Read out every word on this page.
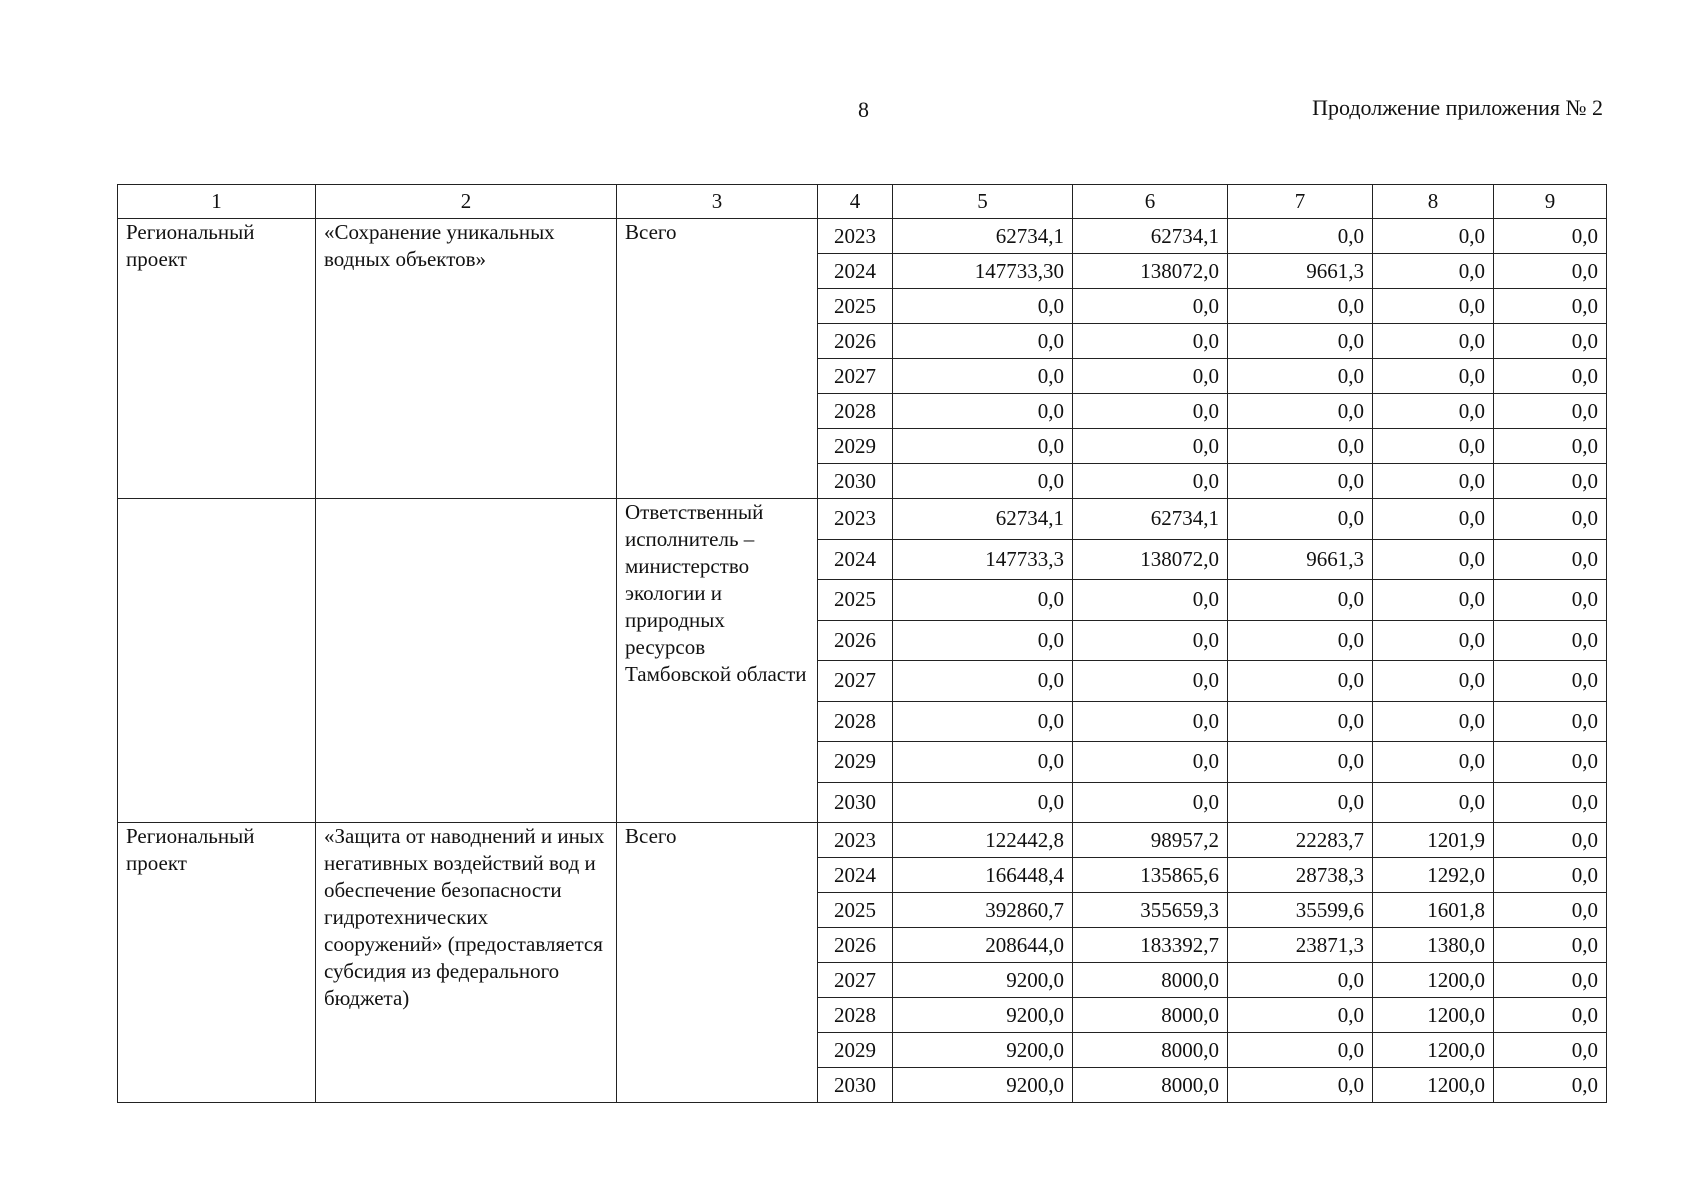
8	Продолжение приложения № 2
1	2	3	4	5	6	7	8	9
Региональный проект	«Сохранение уникальных водных объектов»	Всего	2023	62734,1	62734,1	0,0	0,0	0,0
			2024	147733,30	138072,0	9661,3	0,0	0,0
			2025	0,0	0,0	0,0	0,0	0,0
			2026	0,0	0,0	0,0	0,0	0,0
			2027	0,0	0,0	0,0	0,0	0,0
			2028	0,0	0,0	0,0	0,0	0,0
			2029	0,0	0,0	0,0	0,0	0,0
			2030	0,0	0,0	0,0	0,0	0,0
		Ответственный исполнитель – министерство экологии и природных ресурсов Тамбовской области	2023	62734,1	62734,1	0,0	0,0	0,0
			2024	147733,3	138072,0	9661,3	0,0	0,0
			2025	0,0	0,0	0,0	0,0	0,0
			2026	0,0	0,0	0,0	0,0	0,0
			2027	0,0	0,0	0,0	0,0	0,0
			2028	0,0	0,0	0,0	0,0	0,0
			2029	0,0	0,0	0,0	0,0	0,0
			2030	0,0	0,0	0,0	0,0	0,0
Региональный проект	«Защита от наводнений и иных негативных воздействий вод и обеспечение безопасности гидротехнических сооружений» (предоставляется субсидия из федерального бюджета)	Всего	2023	122442,8	98957,2	22283,7	1201,9	0,0
			2024	166448,4	135865,6	28738,3	1292,0	0,0
			2025	392860,7	355659,3	35599,6	1601,8	0,0
			2026	208644,0	183392,7	23871,3	1380,0	0,0
			2027	9200,0	8000,0	0,0	1200,0	0,0
			2028	9200,0	8000,0	0,0	1200,0	0,0
			2029	9200,0	8000,0	0,0	1200,0	0,0
			2030	9200,0	8000,0	0,0	1200,0	0,0
